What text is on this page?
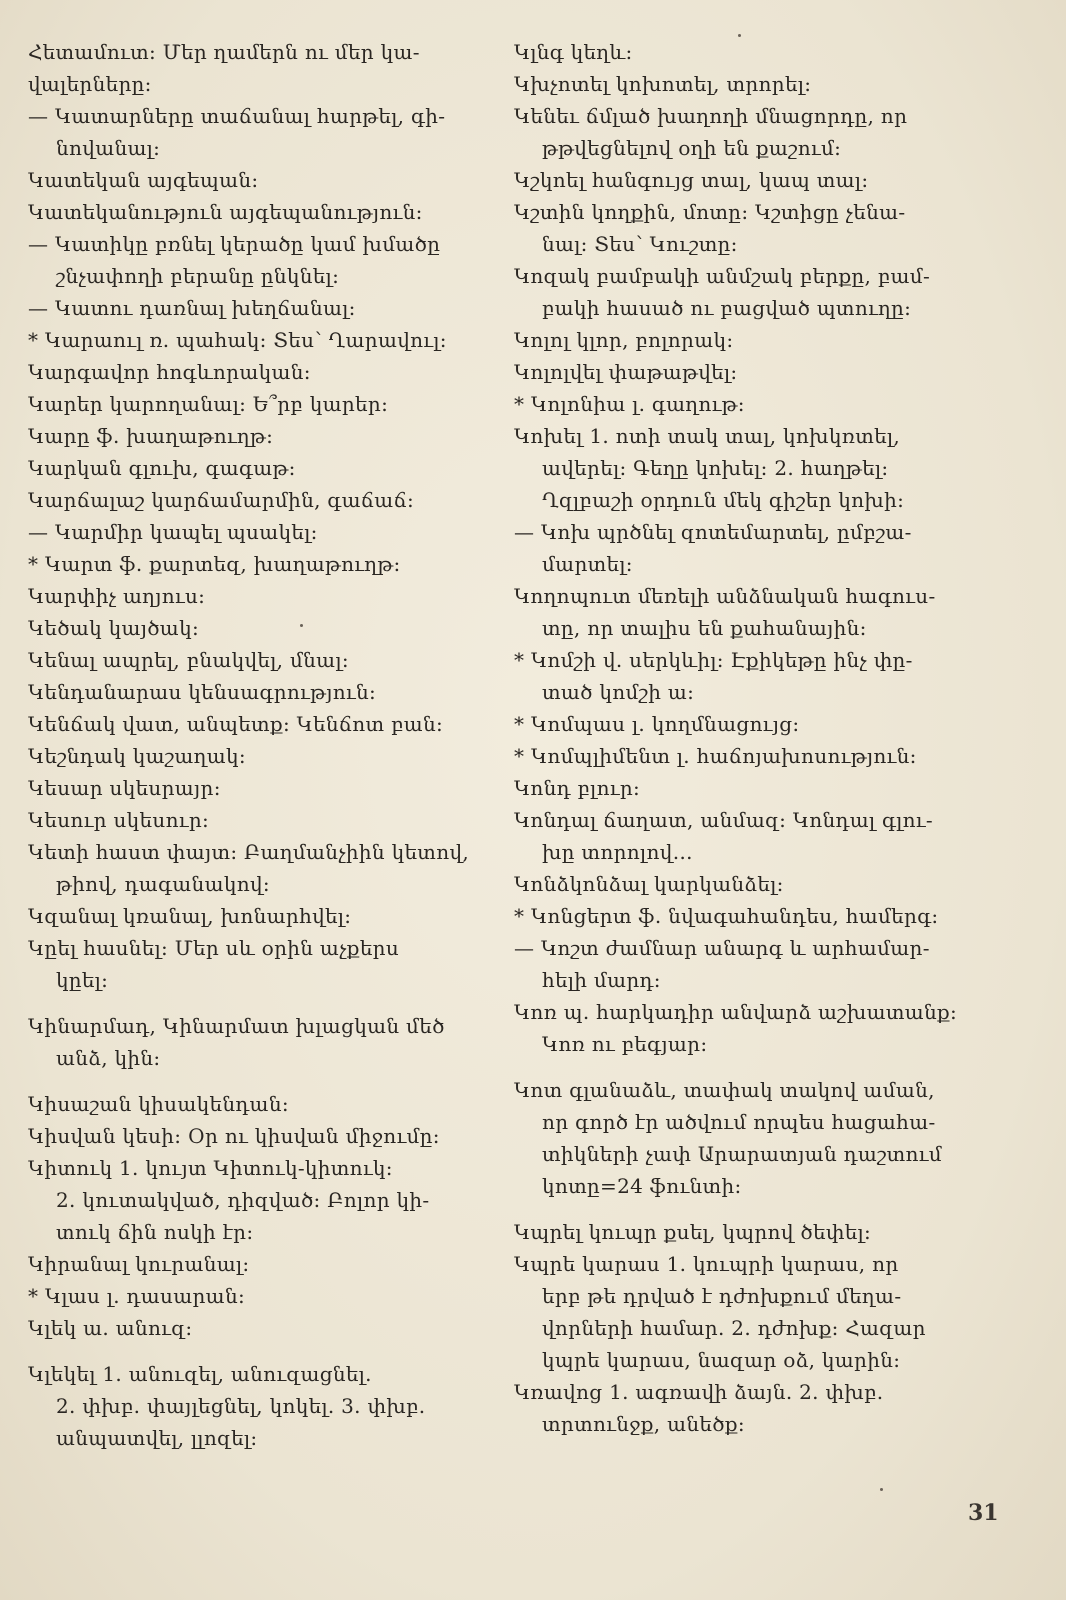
Հետամուտ: Մեր ղամերն ու մեր կա-
վալերները:
— Կատարները տաճանալ հարթել, գի-
նովանալ:
Կատեկան այգեպան:
Կատեկանություն այգեպանություն:
— Կատիկը բռնել կերածը կամ խմածը
շնչափողի բերանը ընկնել:
— Կատու դառնալ խեղճանալ:
* Կարաուլ ռ. պահակ: Տես՝ Ղարավուլ:
Կարգավոր հոգևորական:
Կարեր կարողանալ: Ե՞րբ կարեր:
Կարը ֆ. խաղաթուղթ:
Կարկան գլուխ, գագաթ:
Կարճալաշ կարճամարմին, գաճաճ:
— Կարմիր կապել պսակել:
* Կարտ ֆ. քարտեզ, խաղաթուղթ:
Կարփիչ աղյուս:
Կեծակ կայծակ:
Կենալ ապրել, բնակվել, մնալ:
Կենդանարաս կենսագրություն:
Կենճակ վատ, անպետք: Կենճոտ բան:
Կեշնդակ կաշաղակ:
Կեսար սկեսրայր:
Կեսուր սկեսուր:
Կետի հաստ փայտ: Բաղմանչիին կետով,
թիով, դագանակով:
Կզանալ կռանալ, խոնարհվել:
Կըել հասնել: Մեր սև օրին աչքերս
կըել:
Կինարմադ, Կինարմատ խլացկան մեծ
անձ, կին:
Կիսաշան կիսակենդան:
Կիսվան կեսի: Օր ու կիսվան միջումը:
Կիտուկ 1. կույտ Կիտուկ-կիտուկ:
2. կուտակված, դիզված: Բոլոր կի-
տուկ ճին ոսկի էր:
Կիրանալ կուրանալ:
* Կլաս լ. դասարան:
Կլեկ ա. անուզ:
Կլեկել 1. անուզել, անուզացնել.
2. փխբ. փայլեցնել, կոկել. 3. փխբ.
անպատվել, լլոզել:
Կլնգ կեղև:
Կխչոտել կոխոտել, տրորել:
Կենեւ ճմլած խաղողի մնացորդը, որ
թթվեցնելով օղի են քաշում:
Կշկոել հանգույց տալ, կապ տալ:
Կշտին կողքին, մոտը: Կշտիցը չենա-
նալ: Տես՝ Կուշտը:
Կոզակ բամբակի անմշակ բերքը, բամ-
բակի հասած ու բացված պտուղը:
Կոլոլ կլոր, բոլորակ:
Կոլոլվել փաթաթվել:
* Կոլոնիա լ. գաղութ:
Կոխել 1. ոտի տակ տալ, կոխկռտել,
ավերել: Գեղը կոխել: 2. հաղթել:
Ղզլբաշի օրդուն մեկ գիշեր կոխի:
— Կոխ պրծնել զոտեմարտել, ըմբշա-
մարտել:
Կողոպուտ մեռելի անձնական հագուս-
տը, որ տալիս են քահանային:
* Կոմշի վ. սերկևիլ: Էքիկեթը ինչ փը-
տած կոմշի ա:
* Կոմպաս լ. կողմնացույց:
* Կոմպլիմենտ լ. հաճոյախոսություն:
Կոնդ բլուր:
Կոնդալ ճաղատ, անմազ: Կոնդալ գլու-
խը տորոլով…
Կոնձկոնձալ կարկանձել:
* Կոնցերտ ֆ. նվագահանդես, համերգ:
— Կոշտ ժամնար անարգ և արհամար-
հելի մարդ:
Կոռ պ. հարկադիր անվարձ աշխատանք:
Կոռ ու բեգյար:
Կոտ գլանաձև, տափակ տակով աման,
որ գործ էր ածվում որպես հացահա-
տիկների չափ Արարատյան դաշտում
կոտը=24 ֆունտի:
Կպրել կուպր քսել, կպրով ծեփել:
Կպրե կարաս 1. կուպրի կարաս, որ
երբ թե դրված է դժոխքում մեղա-
վորների համար. 2. դժոխք: Հազար
կպրե կարաս, նազար օձ, կարին:
Կռավոց 1. ագռավի ձայն. 2. փխբ.
տրտունջք, անեծք:
31
